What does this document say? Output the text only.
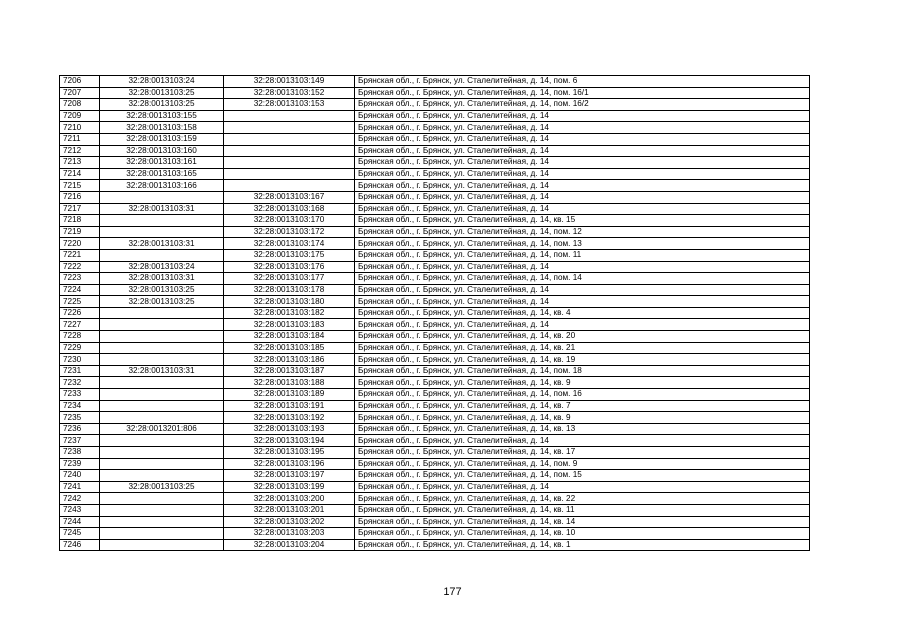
7206	32:28:0013103:24	32:28:0013103:149	Брянская обл., г. Брянск, ул. Сталелитейная, д. 14, пом. 6
7207	32:28:0013103:25	32:28:0013103:152	Брянская обл., г. Брянск, ул. Сталелитейная, д. 14, пом. 16/1
7208	32:28:0013103:25	32:28:0013103:153	Брянская обл., г. Брянск, ул. Сталелитейная, д. 14, пом. 16/2
7209	32:28:0013103:155		Брянская обл., г. Брянск, ул. Сталелитейная, д. 14
7210	32:28:0013103:158		Брянская обл., г. Брянск, ул. Сталелитейная, д. 14
7211	32:28:0013103:159		Брянская обл., г. Брянск, ул. Сталелитейная, д. 14
7212	32:28:0013103:160		Брянская обл., г. Брянск, ул. Сталелитейная, д. 14
7213	32:28:0013103:161		Брянская обл., г. Брянск, ул. Сталелитейная, д. 14
7214	32:28:0013103:165		Брянская обл., г. Брянск, ул. Сталелитейная, д. 14
7215	32:28:0013103:166		Брянская обл., г. Брянск, ул. Сталелитейная, д. 14
7216		32:28:0013103:167	Брянская обл., г. Брянск, ул. Сталелитейная, д. 14
7217	32:28:0013103:31	32:28:0013103:168	Брянская обл., г. Брянск, ул. Сталелитейная, д. 14
7218		32:28:0013103:170	Брянская обл., г. Брянск, ул. Сталелитейная, д. 14, кв. 15
7219		32:28:0013103:172	Брянская обл., г. Брянск, ул. Сталелитейная, д. 14, пом. 12
7220	32:28:0013103:31	32:28:0013103:174	Брянская обл., г. Брянск, ул. Сталелитейная, д. 14, пом. 13
7221		32:28:0013103:175	Брянская обл., г. Брянск, ул. Сталелитейная, д. 14, пом. 11
7222	32:28:0013103:24	32:28:0013103:176	Брянская обл., г. Брянск, ул. Сталелитейная, д. 14
7223	32:28:0013103:31	32:28:0013103:177	Брянская обл., г. Брянск, ул. Сталелитейная, д. 14, пом. 14
7224	32:28:0013103:25	32:28:0013103:178	Брянская обл., г. Брянск, ул. Сталелитейная, д. 14
7225	32:28:0013103:25	32:28:0013103:180	Брянская обл., г. Брянск, ул. Сталелитейная, д. 14
7226		32:28:0013103:182	Брянская обл., г. Брянск, ул. Сталелитейная, д. 14, кв. 4
7227		32:28:0013103:183	Брянская обл., г. Брянск, ул. Сталелитейная, д. 14
7228		32:28:0013103:184	Брянская обл., г. Брянск, ул. Сталелитейная, д. 14, кв. 20
7229		32:28:0013103:185	Брянская обл., г. Брянск, ул. Сталелитейная, д. 14, кв. 21
7230		32:28:0013103:186	Брянская обл., г. Брянск, ул. Сталелитейная, д. 14, кв. 19
7231	32:28:0013103:31	32:28:0013103:187	Брянская обл., г. Брянск, ул. Сталелитейная, д. 14, пом. 18
7232		32:28:0013103:188	Брянская обл., г. Брянск, ул. Сталелитейная, д. 14, кв. 9
7233		32:28:0013103:189	Брянская обл., г. Брянск, ул. Сталелитейная, д. 14, пом. 16
7234		32:28:0013103:191	Брянская обл., г. Брянск, ул. Сталелитейная, д. 14, кв. 7
7235		32:28:0013103:192	Брянская обл., г. Брянск, ул. Сталелитейная, д. 14, кв. 9
7236	32:28:0013201:806	32:28:0013103:193	Брянская обл., г. Брянск, ул. Сталелитейная, д. 14, кв. 13
7237		32:28:0013103:194	Брянская обл., г. Брянск, ул. Сталелитейная, д. 14
7238		32:28:0013103:195	Брянская обл., г. Брянск, ул. Сталелитейная, д. 14, кв. 17
7239		32:28:0013103:196	Брянская обл., г. Брянск, ул. Сталелитейная, д. 14, пом. 9
7240		32:28:0013103:197	Брянская обл., г. Брянск, ул. Сталелитейная, д. 14, пом. 15
7241	32:28:0013103:25	32:28:0013103:199	Брянская обл., г. Брянск, ул. Сталелитейная, д. 14
7242		32:28:0013103:200	Брянская обл., г. Брянск, ул. Сталелитейная, д. 14, кв. 22
7243		32:28:0013103:201	Брянская обл., г. Брянск, ул. Сталелитейная, д. 14, кв. 11
7244		32:28:0013103:202	Брянская обл., г. Брянск, ул. Сталелитейная, д. 14, кв. 14
7245		32:28:0013103:203	Брянская обл., г. Брянск, ул. Сталелитейная, д. 14, кв. 10
7246		32:28:0013103:204	Брянская обл., г. Брянск, ул. Сталелитейная, д. 14, кв. 1
177
